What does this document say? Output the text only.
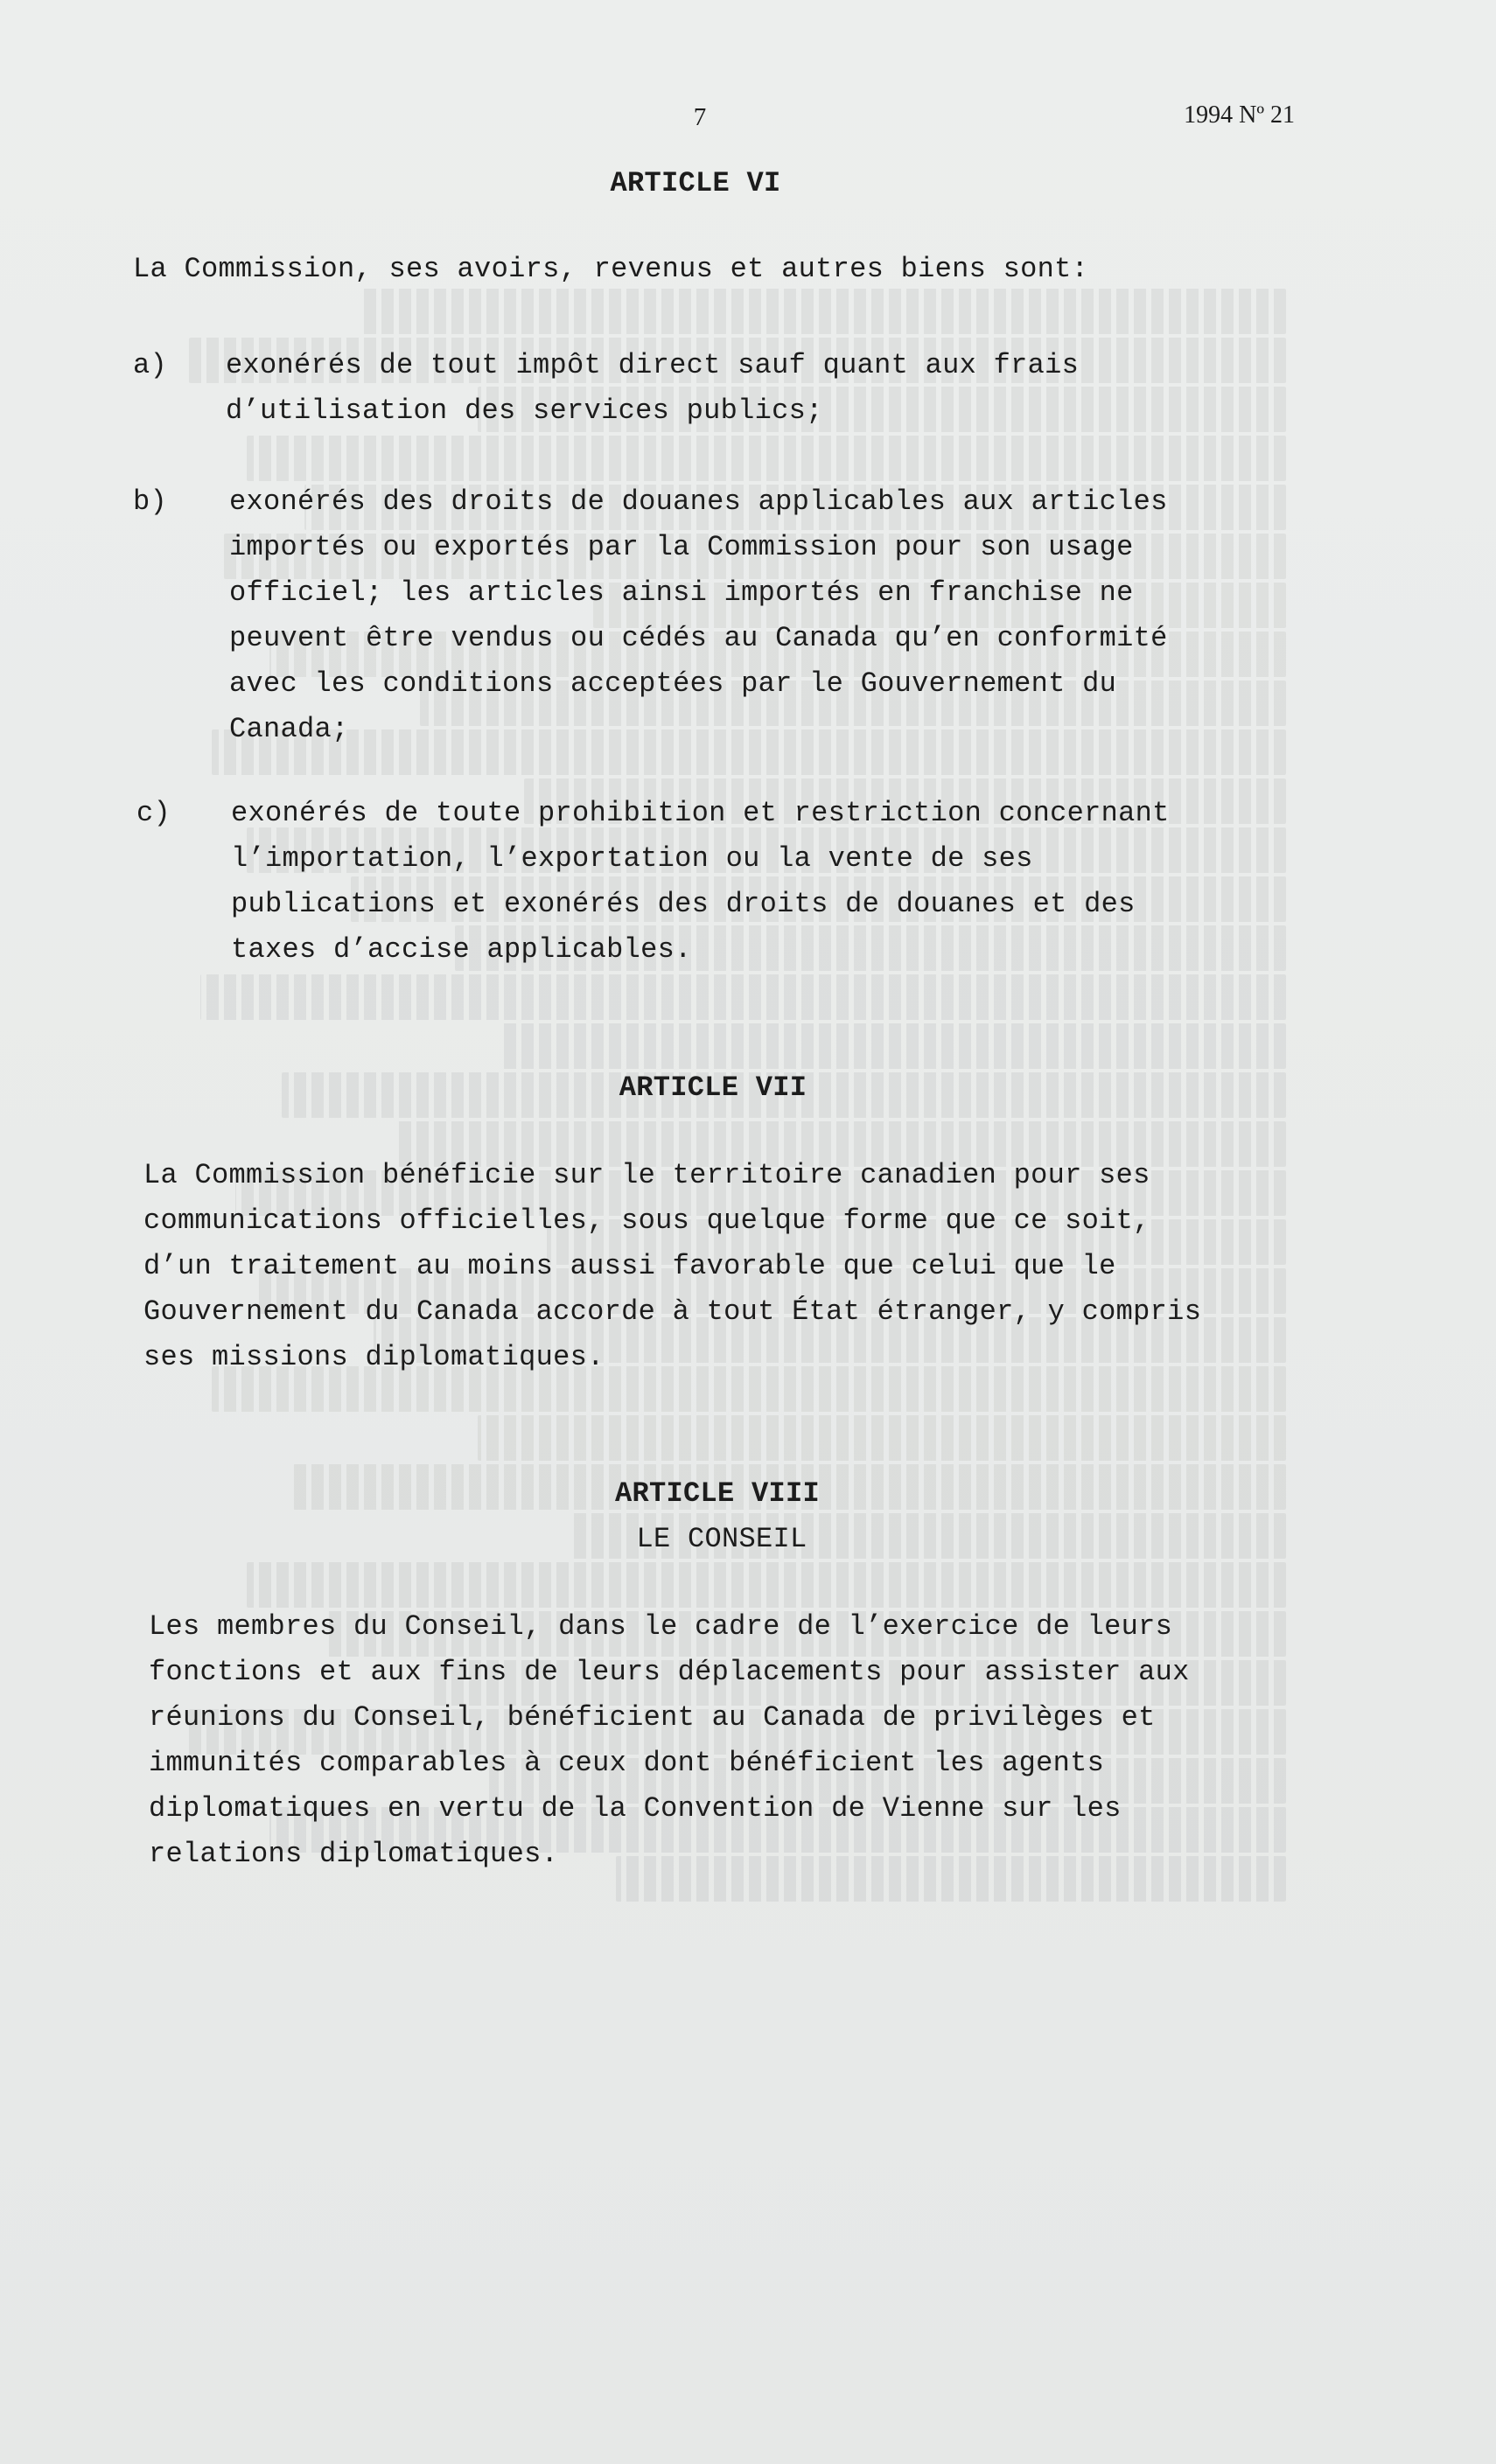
7	1994 Nº 21
ARTICLE VI

La Commission, ses avoirs, revenus et autres biens sont:

a) exonérés de tout impôt direct sauf quant aux frais
d’utilisation des services publics;
b) exonérés des droits de douanes applicables aux articles
importés ou exportés par la Commission pour son usage
officiel; les articles ainsi importés en franchise ne
peuvent être vendus ou cédés au Canada qu’en conformité
avec les conditions acceptées par le Gouvernement du
Canada;
c) exonérés de toute prohibition et restriction concernant
l’importation, l’exportation ou la vente de ses
publications et exonérés des droits de douanes et des
taxes d’accise applicables.
ARTICLE VII
La Commission bénéficie sur le territoire canadien pour ses
communications officielles, sous quelque forme que ce soit,
d’un traitement au moins aussi favorable que celui que le
Gouvernement du Canada accorde à tout État étranger, y compris
ses missions diplomatiques.
ARTICLE VIII
LE CONSEIL
Les membres du Conseil, dans le cadre de l’exercice de leurs
fonctions et aux fins de leurs déplacements pour assister aux
réunions du Conseil, bénéficient au Canada de privilèges et
immunités comparables à ceux dont bénéficient les agents
diplomatiques en vertu de la Convention de Vienne sur les
relations diplomatiques.
